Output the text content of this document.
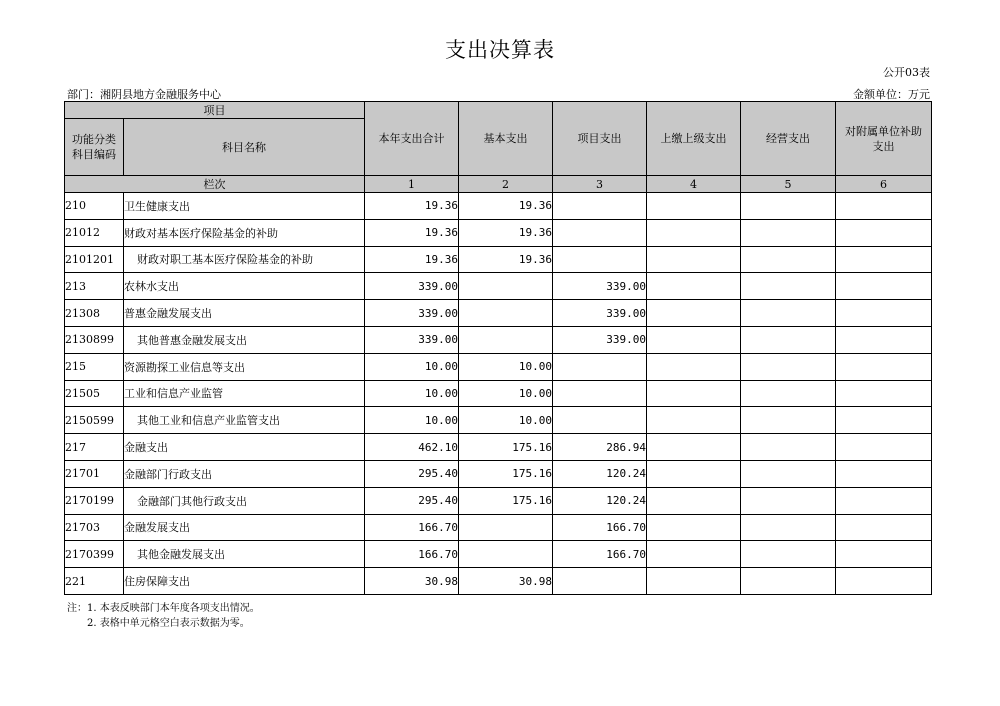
支出决算表
公开03表
部门：湘阴县地方金融服务中心	金额单位：万元
项目		本年支出合计	基本支出	项目支出	上缴上级支出	经营支出	对附属单位补助支出
功能分类科目编码	科目名称						
栏次		1	2	3	4	5	6
210	卫生健康支出	19.36	19.36				
21012	财政对基本医疗保险基金的补助	19.36	19.36				
2101201	财政对职工基本医疗保险基金的补助	19.36	19.36				
213	农林水支出	339.00		339.00			
21308	普惠金融发展支出	339.00		339.00			
2130899	其他普惠金融发展支出	339.00		339.00			
215	资源勘探工业信息等支出	10.00	10.00				
21505	工业和信息产业监管	10.00	10.00				
2150599	其他工业和信息产业监管支出	10.00	10.00				
217	金融支出	462.10	175.16	286.94			
21701	金融部门行政支出	295.40	175.16	120.24			
2170199	金融部门其他行政支出	295.40	175.16	120.24			
21703	金融发展支出	166.70		166.70			
2170399	其他金融发展支出	166.70		166.70			
221	住房保障支出	30.98	30.98				
注：1. 本表反映部门本年度各项支出情况。
2. 表格中单元格空白表示数据为零。
